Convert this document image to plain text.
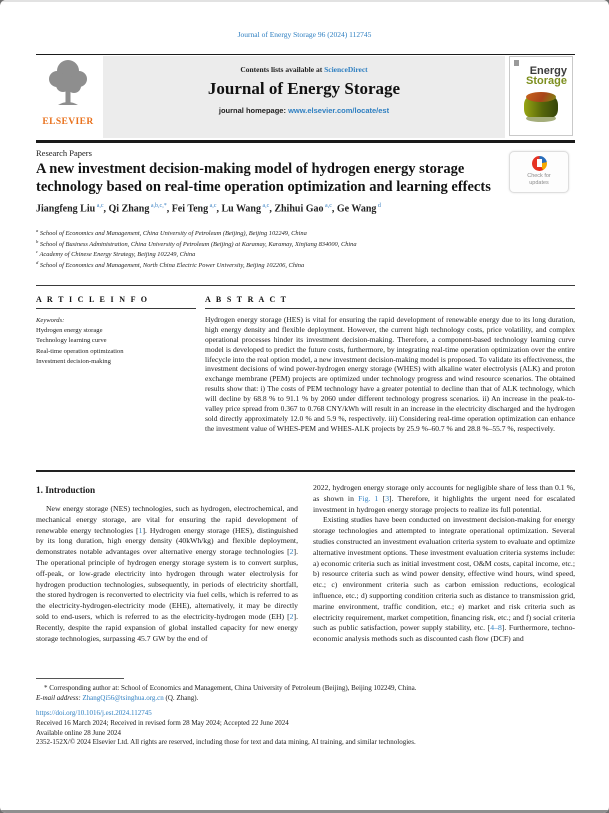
Journal of Energy Storage 96 (2024) 112745
ELSEVIER
Contents lists available at ScienceDirect
Journal of Energy Storage
journal homepage: www.elsevier.com/locate/est
Energy
Storage
Research Papers
A new investment decision-making model of hydrogen energy storage technology based on real-time operation optimization and learning effects
Check for
updates
Jiangfeng Liu $^{a,c}$, Qi Zhang $^{a,b,c,*}$, Fei Teng $^{a,c}$, Lu Wang $^{a,c}$, Zhihui Gao $^{a,c}$, Ge Wang $^d$
$^a$ School of Economics and Management, China University of Petroleum (Beijing), Beijing 102249, China
$^b$ School of Business Administration, China University of Petroleum (Beijing) at Karamay, Karamay, Xinjiang 834000, China
$^c$ Academy of Chinese Energy Strategy, Beijing 102249, China
$^d$ School of Economics and Management, North China Electric Power University, Beijing 102206, China
A R T I C L E I N F O
Keywords:
Hydrogen energy storage
Technology learning curve
Real-time operation optimization
Investment decision-making
A B S T R A C T
Hydrogen energy storage (HES) is vital for ensuring the rapid development of renewable energy due to its long duration, high energy density and flexible deployment. However, the current high technology costs, price volatility, and complex operational processes hinder its investment decision-making. Therefore, a component-based technology learning curve model is developed to predict the future costs, furthermore, by integrating real-time operation optimization over the entire lifecycle into the real option model, a new investment decision-making model is proposed. To validate its effectiveness, the investment decisions of wind power-hydrogen energy storage (WHES) with alkaline water electrolysis (ALK) and proton exchange membrane (PEM) projects are optimized under technology progress and wind resource scenarios. The obtained results show that: i) The costs of PEM technology have a greater potential to decline than that of ALK technology, which will decline by 68.8 % to 91.1 % by 2060 under different technology progress scenarios. ii) An increase in the peak-to-valley price spread from 0.367 to 0.768 CNY/kWh will result in an increase in the electricity discharged and the hydrogen sold directly approximately 12.0 % and 5.9 %, respectively. iii) Considering real-time operation optimization can enhance the investment value of WHES-PEM and WHES-ALK projects by 25.9 %–60.7 % and 28.8 %–55.7 %, respectively.
1. Introduction

New energy storage (NES) technologies, such as hydrogen, electrochemical, and mechanical energy storage, are vital for ensuring the rapid development of renewable energy technologies [1]. Hydrogen energy storage (HES), distinguished by its long duration, high energy density (40kWh/kg) and flexible deployment, demonstrates notable advantages over alternative energy storage technologies [2]. The operational principle of hydrogen energy storage system is to convert surplus, off-peak, or low-grade electricity into hydrogen through water electrolysis for hydrogen production technologies, subsequently, in periods of electricity shortfall, the stored hydrogen is reconverted to electricity via fuel cells, which is referred to as the electricity-hydrogen-electricity mode (EHE), alternatively, it may be directly sold to end-users, which is referred to as the electricity-hydrogen mode (EH) [2]. Recently, despite the rapid expansion of global installed capacity for new energy storage technologies, surpassing 45.7 GW by the end of

2022, hydrogen energy storage only accounts for negligible share of less than 0.1 %, as shown in Fig. 1 [3]. Therefore, it highlights the urgent need for escalated investment in hydrogen energy storage projects to realize its full potential.

Existing studies have been conducted on investment decision-making for energy storage technologies and attempted to integrate operational optimization. Several studies constructed an investment evaluation criteria system to evaluate and optimize alternative investment options. These investment evaluation criteria systems include: a) economic criteria such as initial investment cost, O&M costs, capital income, etc.; b) resource criteria such as wind power density, effective wind hours, wind speed, etc.; c) environment criteria such as carbon emission reductions, ecological influence, etc.; d) supporting condition criteria such as distance to transmission grid, marine environment, traffic condition, etc.; e) market and risk criteria such as electricity requirement, market competition, financing risk, etc.; and f) social criteria such as public satisfaction, power supply stability, etc. [4–8]. Furthermore, techno-economic analysis methods such as discounted cash flow (DCF) and

* Corresponding author at: School of Economics and Management, China University of Petroleum (Beijing), Beijing 102249, China.
E-mail address: ZhangQi56@tsinghua.org.cn (Q. Zhang).
https://doi.org/10.1016/j.est.2024.112745
Received 16 March 2024; Received in revised form 28 May 2024; Accepted 22 June 2024
Available online 28 June 2024
2352-152X/© 2024 Elsevier Ltd. All rights are reserved, including those for text and data mining, AI training, and similar technologies.
